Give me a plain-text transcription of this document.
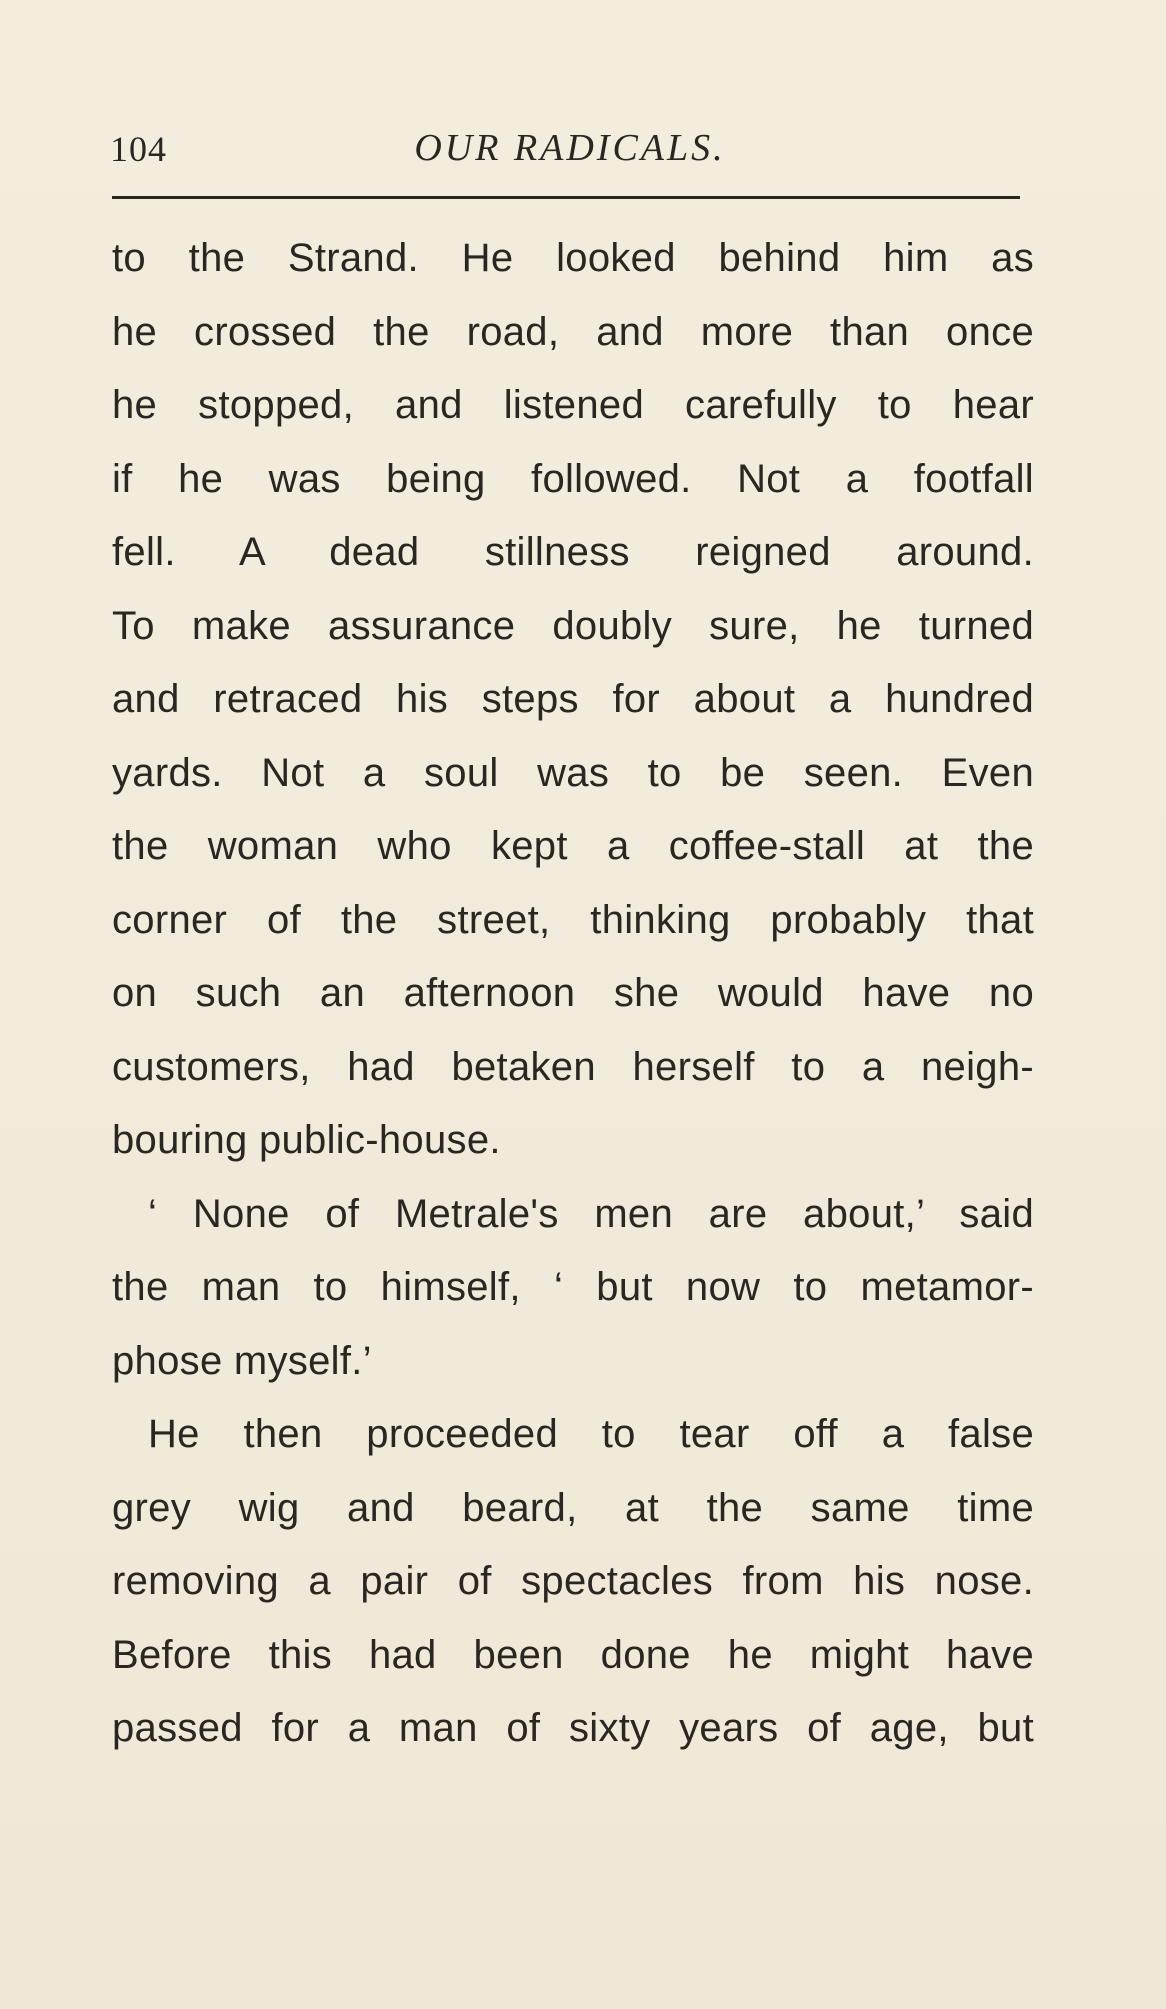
104	OUR RADICALS.
to the Strand. He looked behind him as
he crossed the road, and more than once
he stopped, and listened carefully to hear
if he was being followed. Not a footfall
fell. A dead stillness reigned around.
To make assurance doubly sure, he turned
and retraced his steps for about a hundred
yards. Not a soul was to be seen. Even
the woman who kept a coffee-stall at the
corner of the street, thinking probably that
on such an afternoon she would have no
customers, had betaken herself to a neigh-
bouring public-house.
‘ None of Metrale's men are about,’ said
the man to himself, ‘ but now to metamor-
phose myself.’
He then proceeded to tear off a false
grey wig and beard, at the same time
removing a pair of spectacles from his nose.
Before this had been done he might have
passed for a man of sixty years of age, but
